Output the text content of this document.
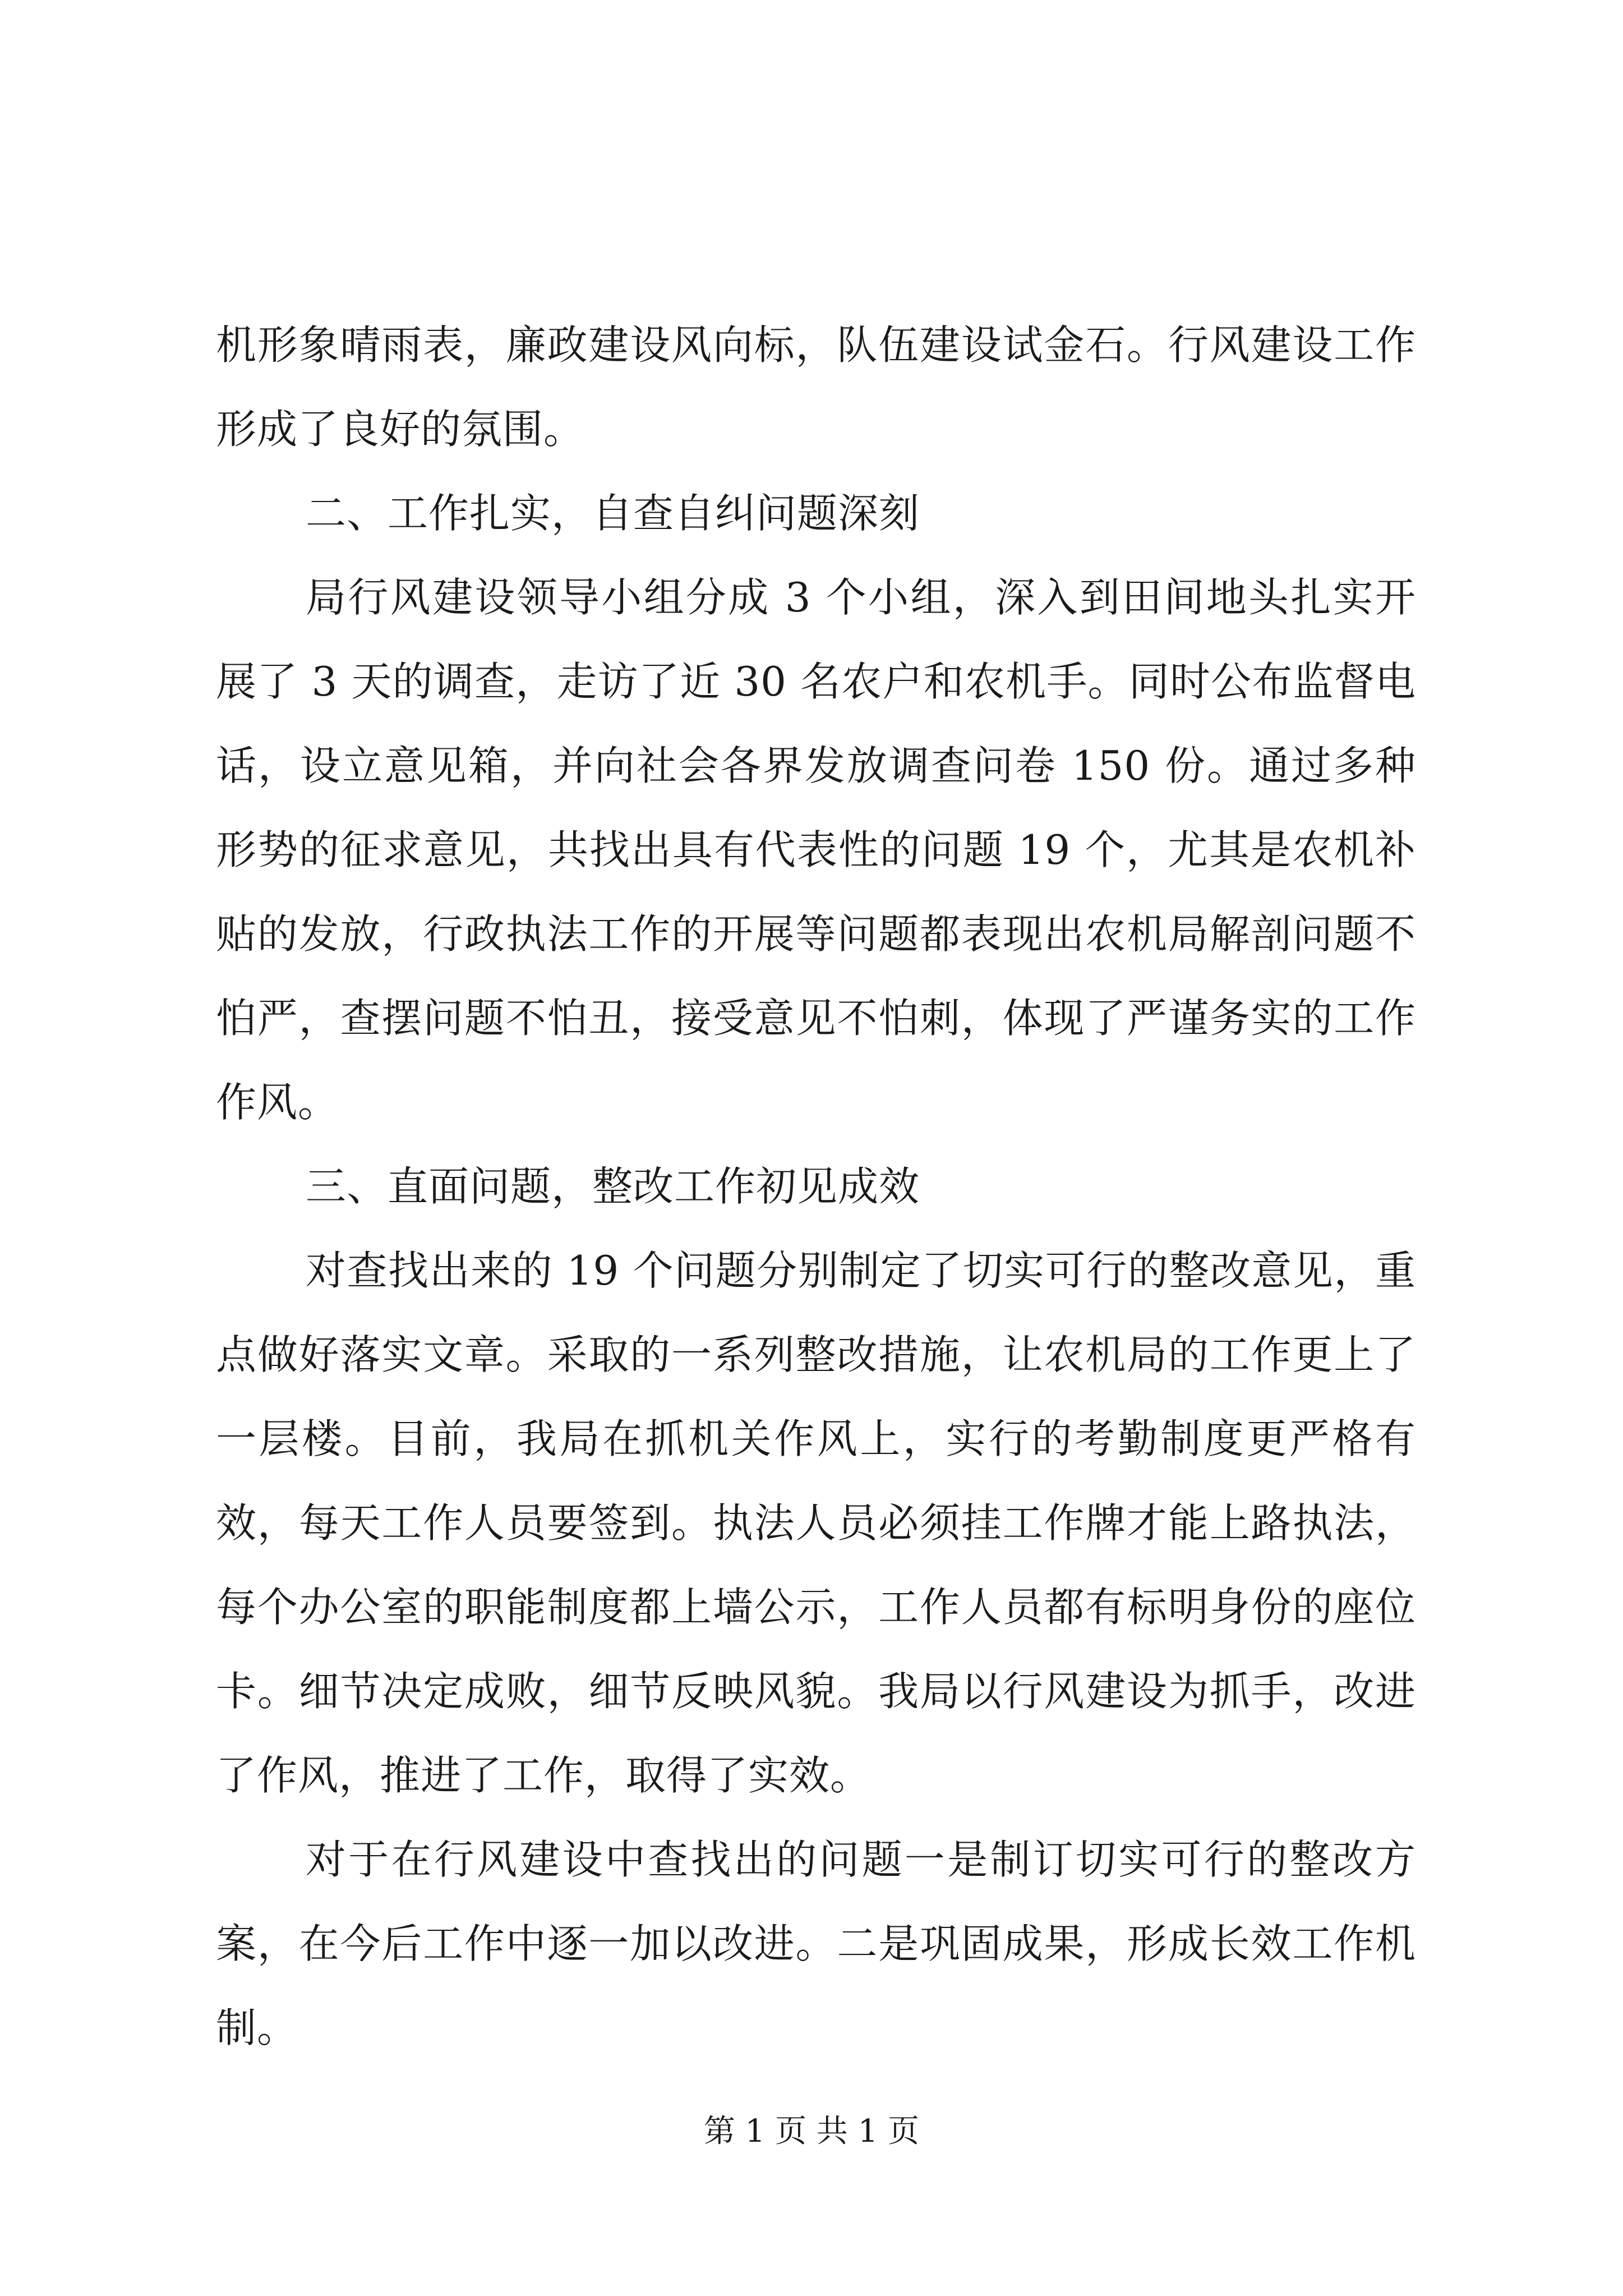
机形象晴雨表，廉政建设风向标，队伍建设试金石。行风建设工作形成了良好的氛围。

二、工作扎实，自查自纠问题深刻

局行风建设领导小组分成 3 个小组，深入到田间地头扎实开展了 3 天的调查，走访了近 30 名农户和农机手。同时公布监督电话，设立意见箱，并向社会各界发放调查问卷 150 份。通过多种形势的征求意见，共找出具有代表性的问题 19 个，尤其是农机补贴的发放，行政执法工作的开展等问题都表现出农机局解剖问题不怕严，查摆问题不怕丑，接受意见不怕刺，体现了严谨务实的工作作风。

三、直面问题，整改工作初见成效

对查找出来的 19 个问题分别制定了切实可行的整改意见，重点做好落实文章。采取的一系列整改措施，让农机局的工作更上了一层楼。目前，我局在抓机关作风上，实行的考勤制度更严格有效，每天工作人员要签到。执法人员必须挂工作牌才能上路执法，每个办公室的职能制度都上墙公示，工作人员都有标明身份的座位卡。细节决定成败，细节反映风貌。我局以行风建设为抓手，改进了作风，推进了工作，取得了实效。

对于在行风建设中查找出的问题一是制订切实可行的整改方案，在今后工作中逐一加以改进。二是巩固成果，形成长效工作机制。

第 1 页 共 1 页
